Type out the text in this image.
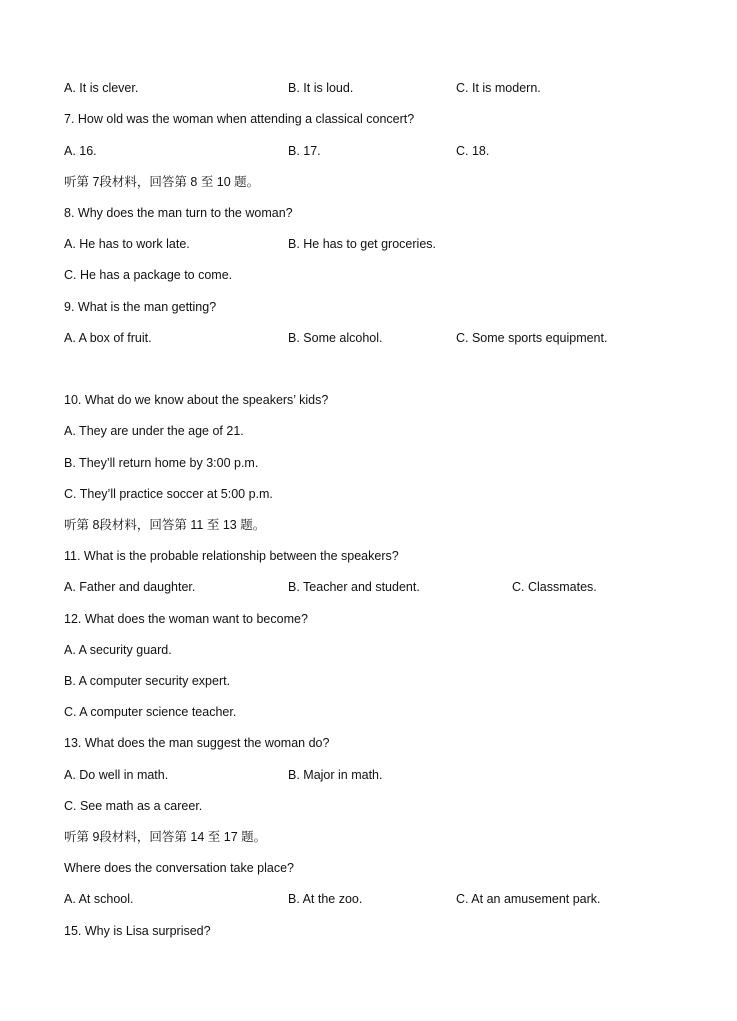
A. It is clever.	B. It is loud.	C. It is modern.
7. How old was the woman when attending a classical concert?
A. 16.	B. 17.	C. 18.
听第 7段材料，回答第 8 至 10 题。
8. Why does the man turn to the woman?
A. He has to work late.	B. He has to get groceries.
C. He has a package to come.
9. What is the man getting?
A. A box of fruit.	B. Some alcohol.	C. Some sports equipment.
10. What do we know about the speakers’ kids?
A. They are under the age of 21.
B. They’ll return home by 3:00 p.m.
C. They’ll practice soccer at 5:00 p.m.
听第 8段材料，回答第 11 至 13 题。
11. What is the probable relationship between the speakers?
A. Father and daughter.	B. Teacher and student.	C. Classmates.
12. What does the woman want to become?
A. A security guard.
B. A computer security expert.
C. A computer science teacher.
13. What does the man suggest the woman do?
A. Do well in math.	B. Major in math.
C. See math as a career.
听第 9段材料，回答第 14 至 17 题。
Where does the conversation take place?
A. At school.	B. At the zoo.	C. At an amusement park.
15. Why is Lisa surprised?
